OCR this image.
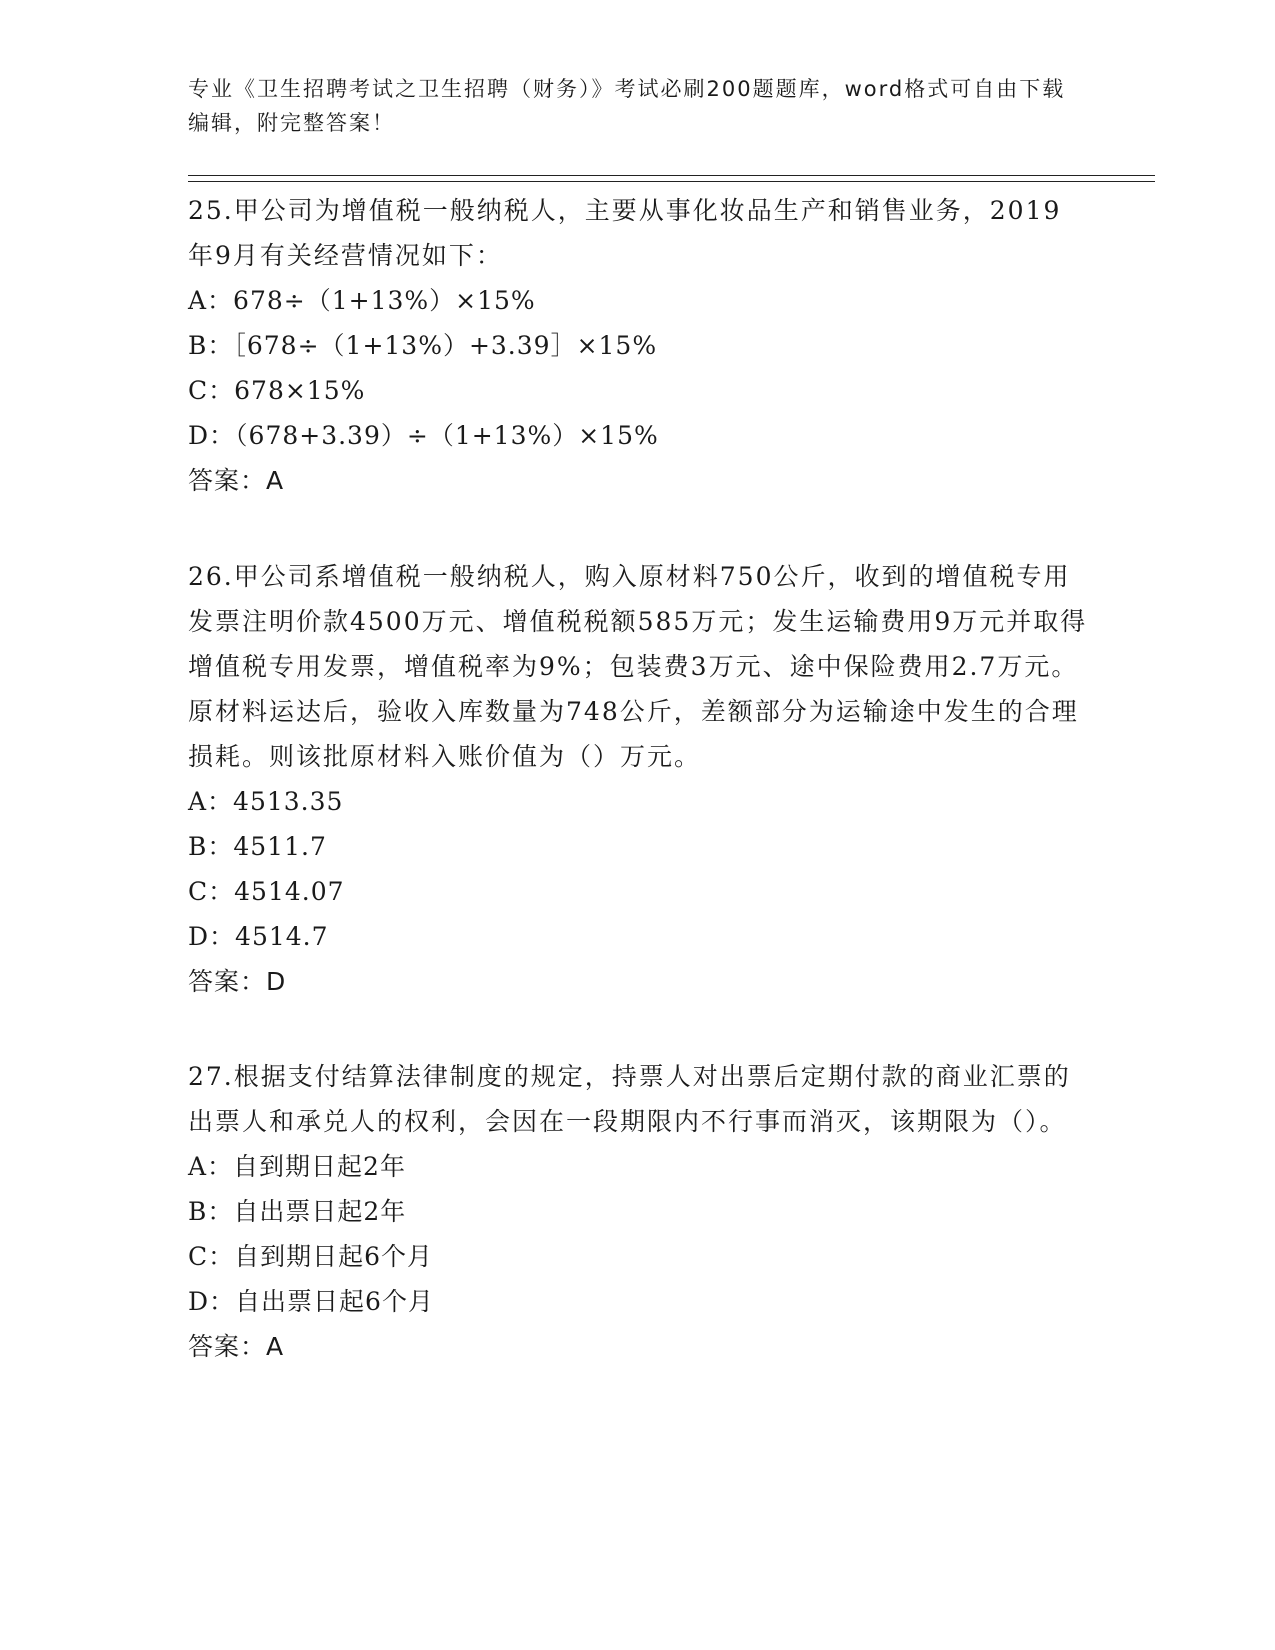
专业《卫生招聘考试之卫生招聘（财务）》考试必刷200题题库，word格式可自由下载编辑，附完整答案！

25.甲公司为增值税一般纳税人，主要从事化妆品生产和销售业务，2019年9月有关经营情况如下：

A：678÷（1+13%）×15%

B：［678÷（1+13%）+3.39］×15%

C：678×15%

D：（678+3.39）÷（1+13%）×15%

答案：A

26.甲公司系增值税一般纳税人，购入原材料750公斤，收到的增值税专用发票注明价款4500万元、增值税税额585万元；发生运输费用9万元并取得增值税专用发票，增值税率为9%；包装费3万元、途中保险费用2.7万元。原材料运达后，验收入库数量为748公斤，差额部分为运输途中发生的合理损耗。则该批原材料入账价值为（）万元。

A：4513.35

B：4511.7

C：4514.07

D：4514.7

答案：D

27.根据支付结算法律制度的规定，持票人对出票后定期付款的商业汇票的出票人和承兑人的权利，会因在一段期限内不行事而消灭，该期限为（）。

A：自到期日起2年

B：自出票日起2年

C：自到期日起6个月

D：自出票日起6个月

答案：A
